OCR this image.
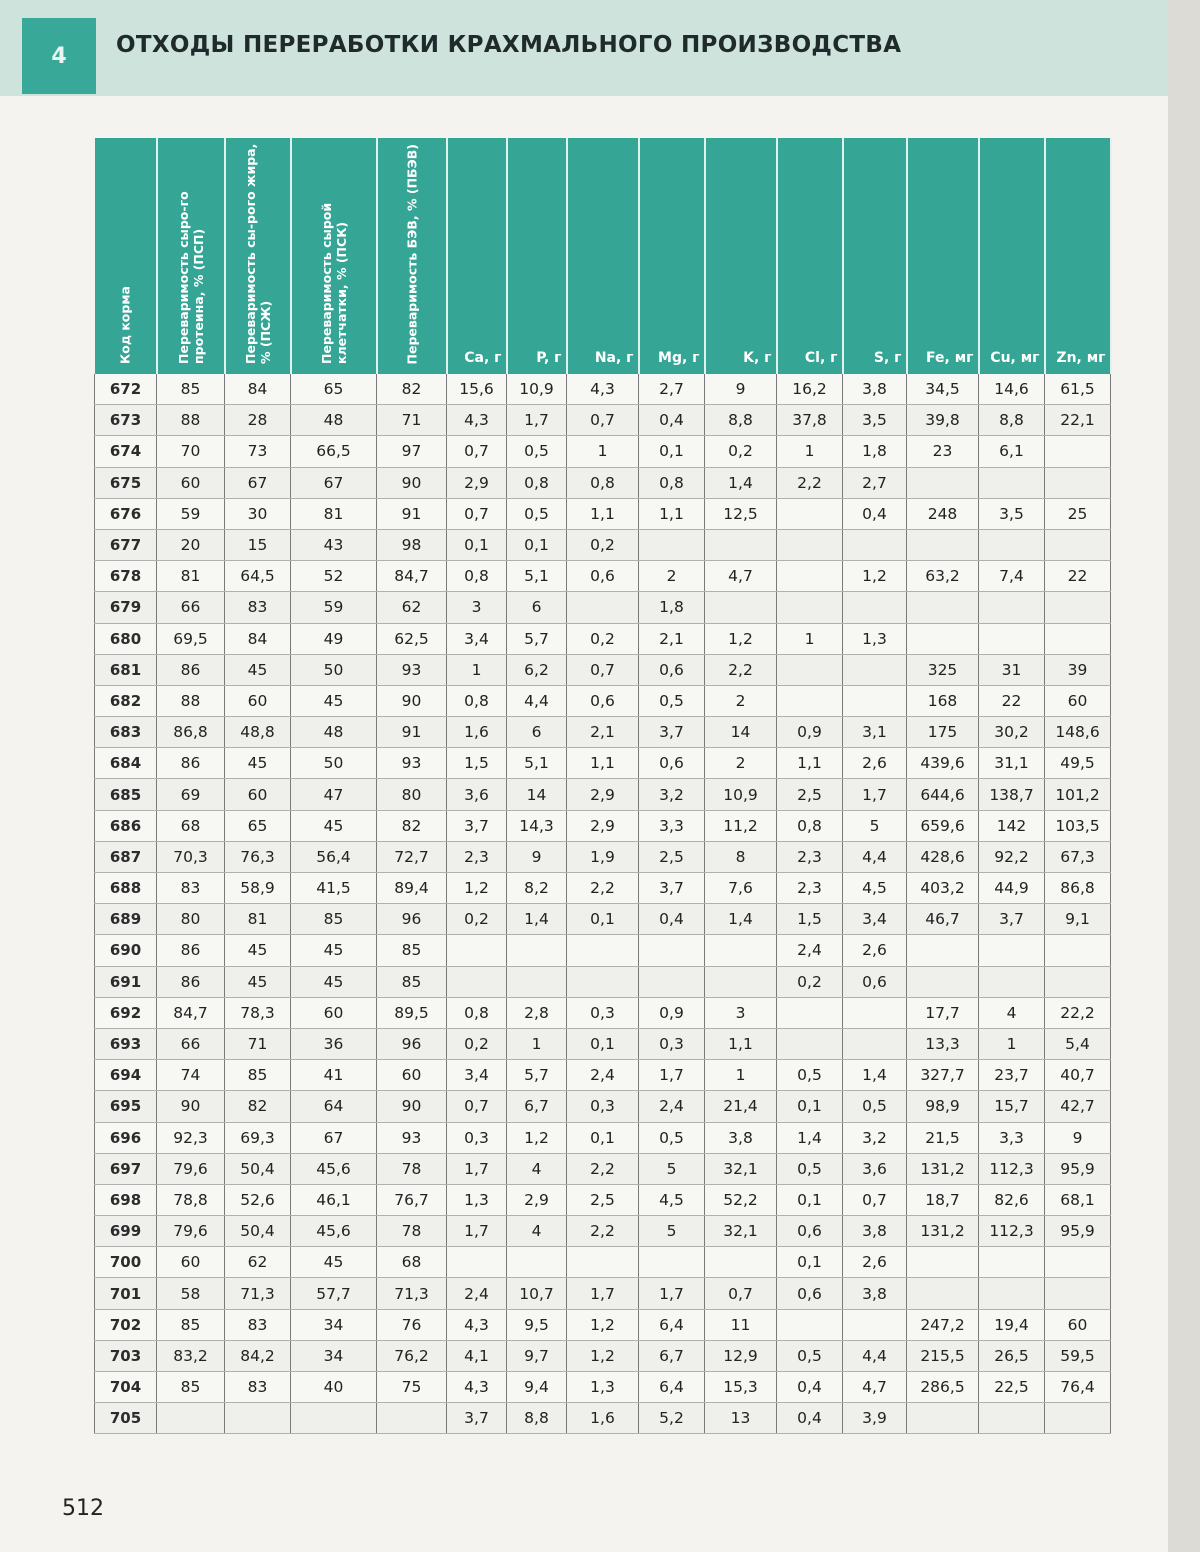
4	ОТХОДЫ ПЕРЕРАБОТКИ КРАХМАЛЬНОГО ПРОИЗВОДСТВА
Код корма	Переваримость сыро-го протеина, % (ПСП)	Переваримость сы-рого жира, % (ПСЖ)	Переваримость сырой клетчатки, % (ПСК)	Переваримость БЭВ, % (ПБЭВ)	Ca, г	P, г	Na, г	Mg, г	K, г	Cl, г	S, г	Fe, мг	Cu, мг	Zn, мг

672	85	84	65	82	15,6	10,9	4,3	2,7	9	16,2	3,8	34,5	14,6	61,5
673	88	28	48	71	4,3	1,7	0,7	0,4	8,8	37,8	3,5	39,8	8,8	22,1
674	70	73	66,5	97	0,7	0,5	1	0,1	0,2	1	1,8	23	6,1	
675	60	67	67	90	2,9	0,8	0,8	0,8	1,4	2,2	2,7			
676	59	30	81	91	0,7	0,5	1,1	1,1	12,5		0,4	248	3,5	25
677	20	15	43	98	0,1	0,1	0,2							
678	81	64,5	52	84,7	0,8	5,1	0,6	2	4,7		1,2	63,2	7,4	22
679	66	83	59	62	3	6		1,8						
680	69,5	84	49	62,5	3,4	5,7	0,2	2,1	1,2	1	1,3			
681	86	45	50	93	1	6,2	0,7	0,6	2,2			325	31	39
682	88	60	45	90	0,8	4,4	0,6	0,5	2			168	22	60
683	86,8	48,8	48	91	1,6	6	2,1	3,7	14	0,9	3,1	175	30,2	148,6
684	86	45	50	93	1,5	5,1	1,1	0,6	2	1,1	2,6	439,6	31,1	49,5
685	69	60	47	80	3,6	14	2,9	3,2	10,9	2,5	1,7	644,6	138,7	101,2
686	68	65	45	82	3,7	14,3	2,9	3,3	11,2	0,8	5	659,6	142	103,5
687	70,3	76,3	56,4	72,7	2,3	9	1,9	2,5	8	2,3	4,4	428,6	92,2	67,3
688	83	58,9	41,5	89,4	1,2	8,2	2,2	3,7	7,6	2,3	4,5	403,2	44,9	86,8
689	80	81	85	96	0,2	1,4	0,1	0,4	1,4	1,5	3,4	46,7	3,7	9,1
690	86	45	45	85						2,4	2,6			
691	86	45	45	85						0,2	0,6			
692	84,7	78,3	60	89,5	0,8	2,8	0,3	0,9	3			17,7	4	22,2
693	66	71	36	96	0,2	1	0,1	0,3	1,1			13,3	1	5,4
694	74	85	41	60	3,4	5,7	2,4	1,7	1	0,5	1,4	327,7	23,7	40,7
695	90	82	64	90	0,7	6,7	0,3	2,4	21,4	0,1	0,5	98,9	15,7	42,7
696	92,3	69,3	67	93	0,3	1,2	0,1	0,5	3,8	1,4	3,2	21,5	3,3	9
697	79,6	50,4	45,6	78	1,7	4	2,2	5	32,1	0,5	3,6	131,2	112,3	95,9
698	78,8	52,6	46,1	76,7	1,3	2,9	2,5	4,5	52,2	0,1	0,7	18,7	82,6	68,1
699	79,6	50,4	45,6	78	1,7	4	2,2	5	32,1	0,6	3,8	131,2	112,3	95,9
700	60	62	45	68						0,1	2,6			
701	58	71,3	57,7	71,3	2,4	10,7	1,7	1,7	0,7	0,6	3,8			
702	85	83	34	76	4,3	9,5	1,2	6,4	11			247,2	19,4	60
703	83,2	84,2	34	76,2	4,1	9,7	1,2	6,7	12,9	0,5	4,4	215,5	26,5	59,5
704	85	83	40	75	4,3	9,4	1,3	6,4	15,3	0,4	4,7	286,5	22,5	76,4
705					3,7	8,8	1,6	5,2	13	0,4	3,9			
512
